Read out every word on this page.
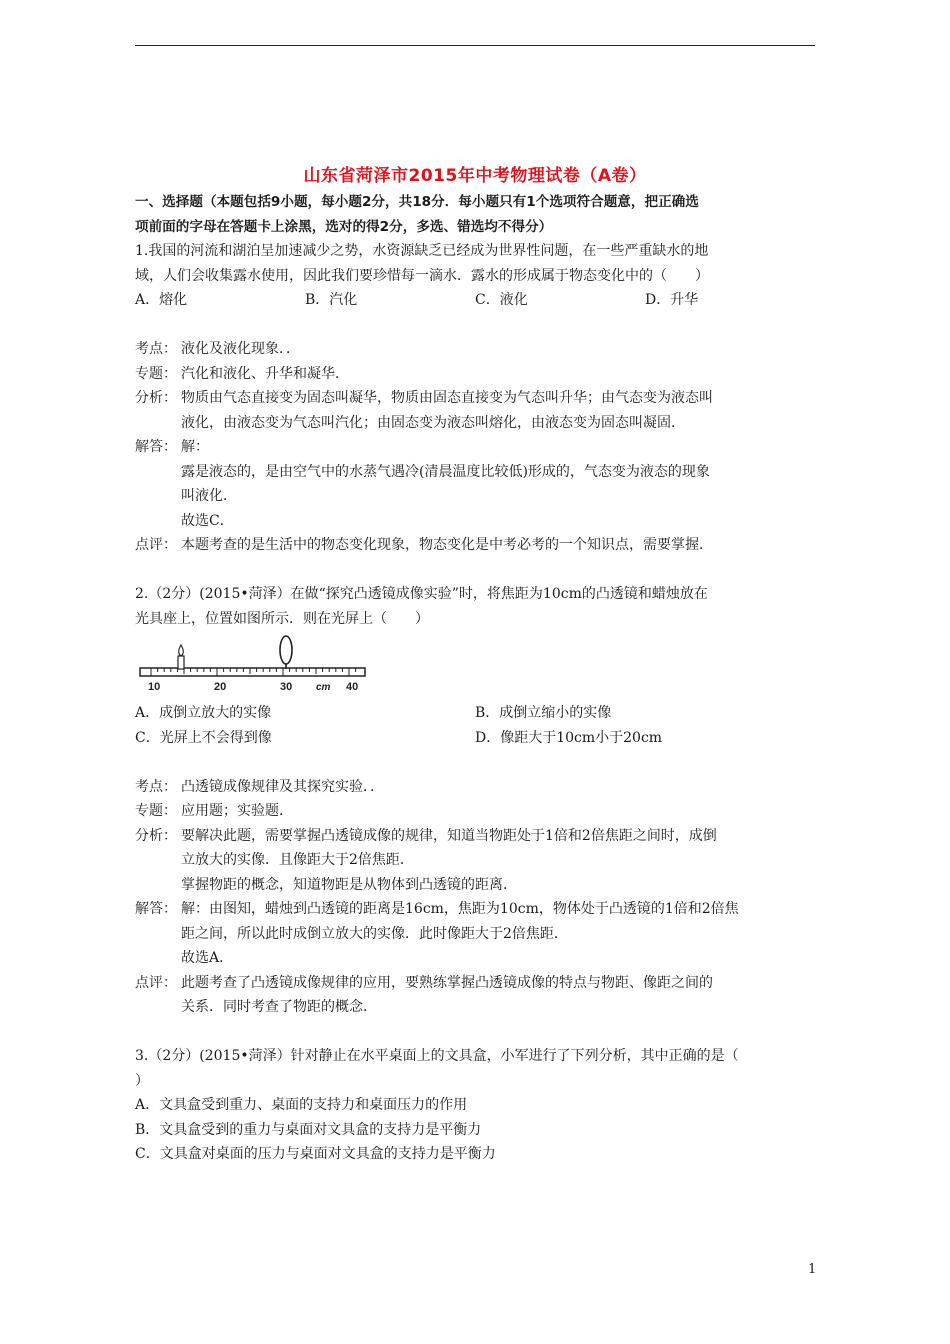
山东省菏泽市2015年中考物理试卷（A卷）
一、选择题（本题包括9小题，每小题2分，共18分．每小题只有1个选项符合题意，把正确选
项前面的字母在答题卡上涂黑，选对的得2分，多选、错选均不得分）
1.我国的河流和湖泊呈加速减少之势，水资源缺乏已经成为世界性问题，在一些严重缺水的地
域，人们会收集露水使用，因此我们要珍惜每一滴水．露水的形成属于物态变化中的（　　）
A．熔化	B．汽化	C．液化	D．升华
考点： 液化及液化现象．．
专题： 汽化和液化、升华和凝华．
分析： 物质由气态直接变为固态叫凝华，物质由固态直接变为气态叫升华；由气态变为液态叫
液化，由液态变为气态叫汽化；由固态变为液态叫熔化，由液态变为固态叫凝固．
解答： 解：
露是液态的，是由空气中的水蒸气遇冷(清晨温度比较低)形成的，气态变为液态的现象
叫液化．
故选C．
点评： 本题考查的是生活中的物态变化现象，物态变化是中考必考的一个知识点，需要掌握．
2.（2分）(2015•菏泽）在做“探究凸透镜成像实验”时，将焦距为10cm的凸透镜和蜡烛放在
光具座上，位置如图所示．则在光屏上（　　）
10	20	30 cm 40
A．成倒立放大的实像	B．成倒立缩小的实像
C．光屏上不会得到像	D．像距大于10cm小于20cm
考点： 凸透镜成像规律及其探究实验．．
专题： 应用题；实验题．
分析： 要解决此题，需要掌握凸透镜成像的规律，知道当物距处于1倍和2倍焦距之间时，成倒
立放大的实像．且像距大于2倍焦距．
掌握物距的概念，知道物距是从物体到凸透镜的距离．
解答： 解：由图知，蜡烛到凸透镜的距离是16cm，焦距为10cm，物体处于凸透镜的1倍和2倍焦
距之间，所以此时成倒立放大的实像．此时像距大于2倍焦距．
故选A．
点评： 此题考查了凸透镜成像规律的应用，要熟练掌握凸透镜成像的特点与物距、像距之间的
关系．同时考查了物距的概念．
3.（2分）(2015•菏泽）针对静止在水平桌面上的文具盒，小军进行了下列分析，其中正确的是（
）
A．文具盒受到重力、桌面的支持力和桌面压力的作用
B．文具盒受到的重力与桌面对文具盒的支持力是平衡力
C．文具盒对桌面的压力与桌面对文具盒的支持力是平衡力
1
